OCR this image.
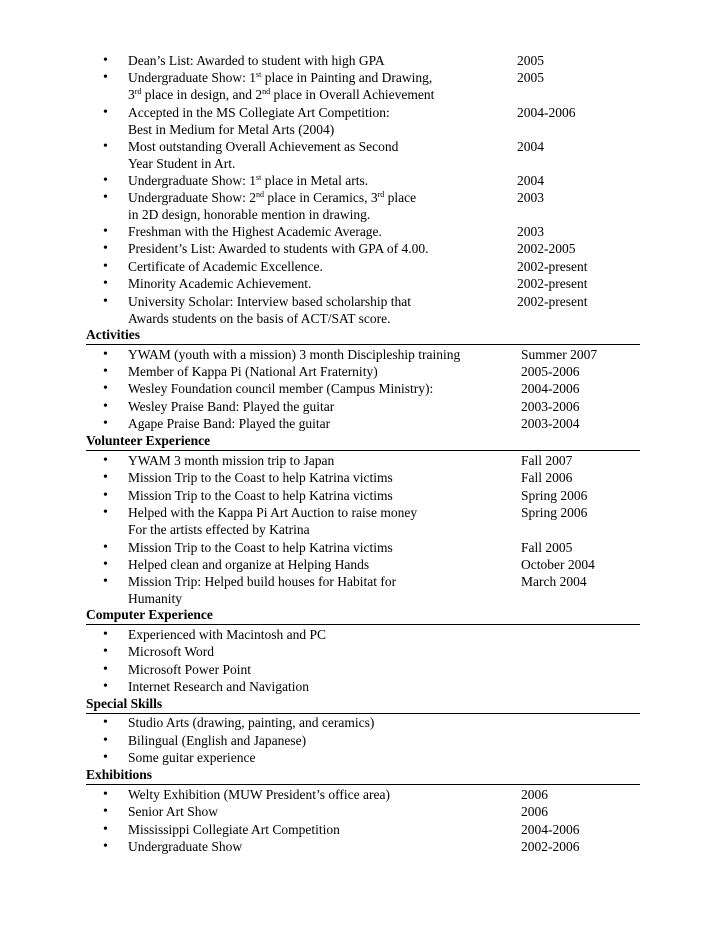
• Dean’s List: Awarded to student with high GPA	2005
• Undergraduate Show: 1st place in Painting and Drawing,
3rd place in design, and 2nd place in Overall Achievement
2005
• Accepted in the MS Collegiate Art Competition:
Best in Medium for Metal Arts (2004)
2004-2006
• Most outstanding Overall Achievement as Second
Year Student in Art.
2004
• Undergraduate Show: 1st place in Metal arts.	2004
• Undergraduate Show: 2nd place in Ceramics, 3rd place
in 2D design, honorable mention in drawing.
2003
• Freshman with the Highest Academic Average.	2003
• President’s List: Awarded to students with GPA of 4.00.	2002-2005
• Certificate of Academic Excellence.	2002-present
• Minority Academic Achievement.	2002-present
• University Scholar: Interview based scholarship that
Awards students on the basis of ACT/SAT score.
2002-present
Activities
• YWAM (youth with a mission) 3 month Discipleship training	Summer 2007
• Member of Kappa Pi (National Art Fraternity)	2005-2006
• Wesley Foundation council member (Campus Ministry):	2004-2006
• Wesley Praise Band: Played the guitar	2003-2006
• Agape Praise Band: Played the guitar	2003-2004
Volunteer Experience
• YWAM 3 month mission trip to Japan	Fall 2007
• Mission Trip to the Coast to help Katrina victims	Fall 2006
• Mission Trip to the Coast to help Katrina victims	Spring 2006
• Helped with the Kappa Pi Art Auction to raise money
For the artists effected by Katrina
Spring 2006
• Mission Trip to the Coast to help Katrina victims	Fall 2005
• Helped clean and organize at Helping Hands	October 2004
• Mission Trip: Helped build houses for Habitat for
Humanity
March 2004
Computer Experience
• Experienced with Macintosh and PC
• Microsoft Word
• Microsoft Power Point
• Internet Research and Navigation
Special Skills
• Studio Arts (drawing, painting, and ceramics)
• Bilingual (English and Japanese)
• Some guitar experience
Exhibitions
• Welty Exhibition (MUW President’s office area)	2006
• Senior Art Show	2006
• Mississippi Collegiate Art Competition	2004-2006
• Undergraduate Show	2002-2006
